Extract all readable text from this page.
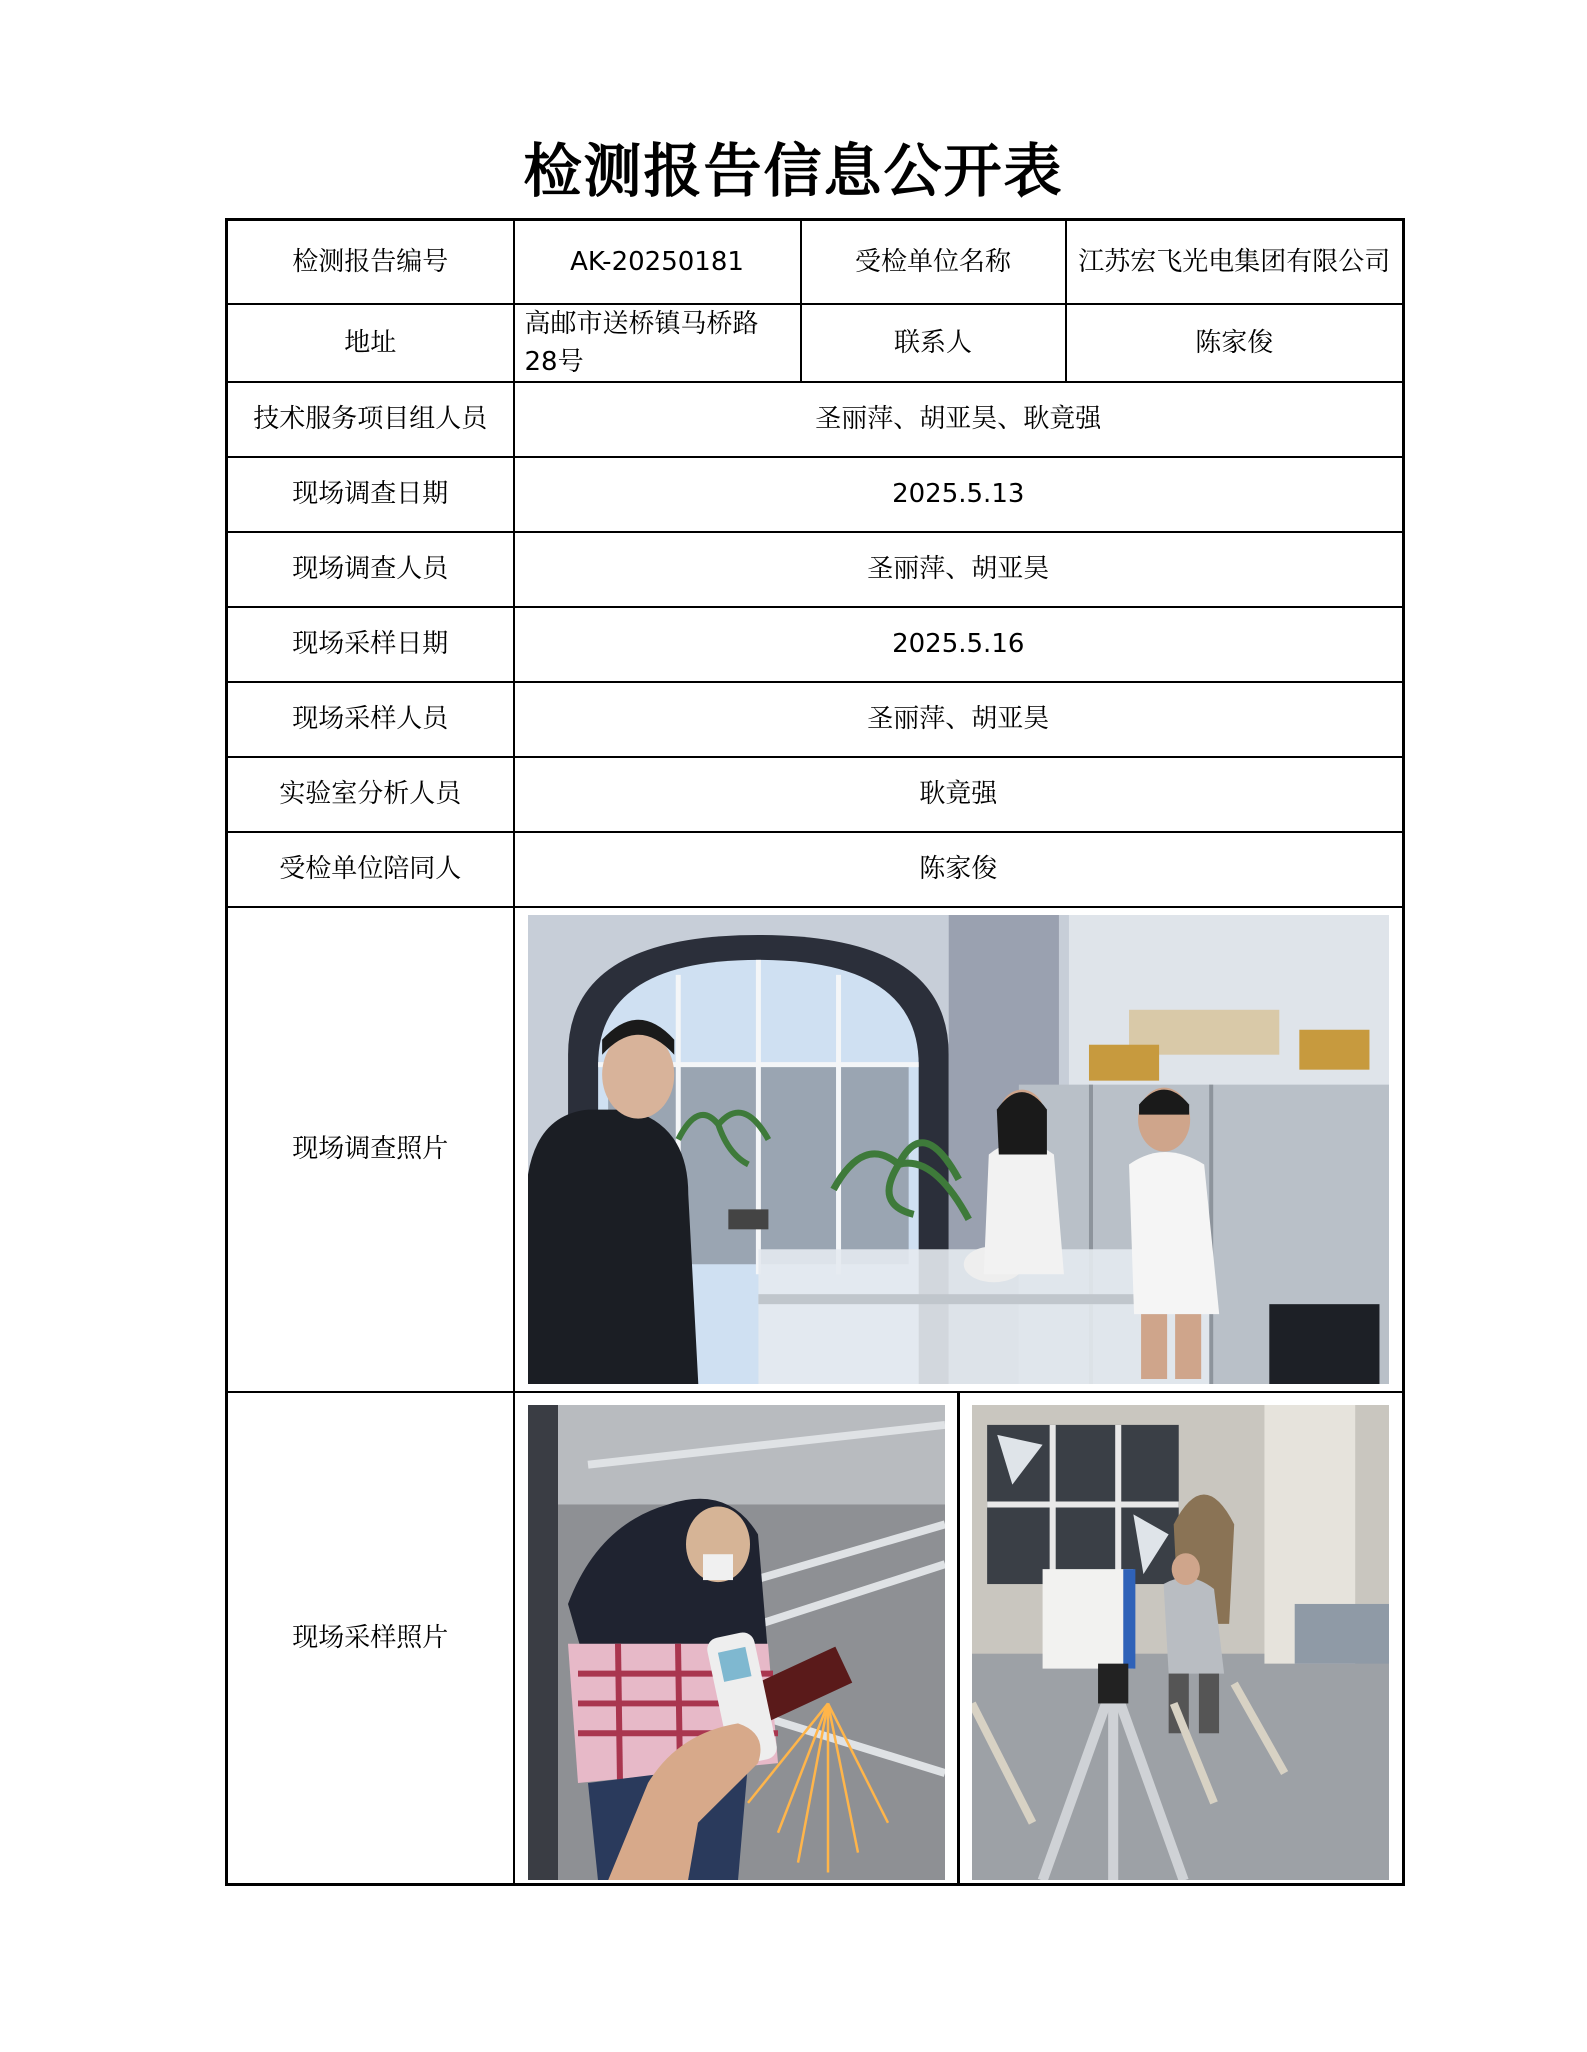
检测报告信息公开表
检测报告编号	AK-20250181	受检单位名称	江苏宏飞光电集团有限公司
地址	高邮市送桥镇马桥路28号	联系人	陈家俊
技术服务项目组人员	圣丽萍、胡亚昊、耿竟强		
现场调查日期	2025.5.13		
现场调查人员	圣丽萍、胡亚昊		
现场采样日期	2025.5.16		
现场采样人员	圣丽萍、胡亚昊		
实验室分析人员	耿竟强		
受检单位陪同人	陈家俊		
现场调查照片	

现场采样照片	
